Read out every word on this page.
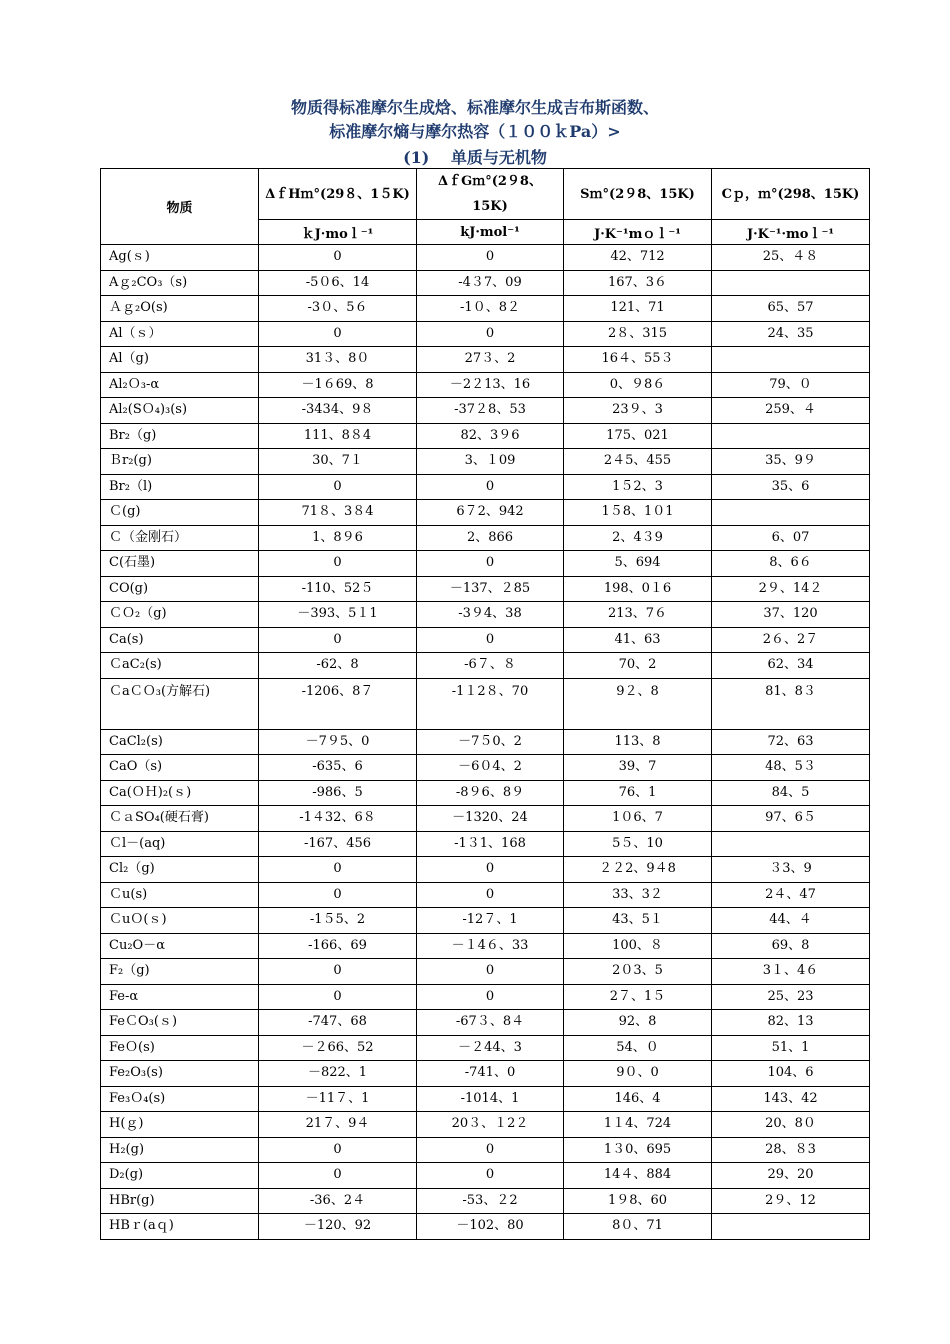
物质得标准摩尔生成焓、标准摩尔生成吉布斯函数、
标准摩尔熵与摩尔热容（１００ｋPa）>
(1)　 单质与无机物
物质	ΔｆHｍ°(29８、1５K)	ΔｆGｍ°(2９8、15K)	Sｍ°(2９8、15K)	Cｐ，ｍ°(298、15K)
	ｋJ·moｌ⁻¹	kJ·mol⁻¹	J·K⁻¹mｏｌ⁻¹	J·K⁻¹·moｌ⁻¹
Ag(ｓ)	0	0	42、712	25、４８
Aｇ₂CO₃（s)	-5０6、14	-4３7、09	167、3６	
Ａｇ₂O(s)	-3０、5６	-1０、8２	121、71	65、57
Al（ｓ）	0	0	2８、315	24、35
Al（g)	31３、8０	27３、2	16４、55３	
Al₂Ｏ₃-α	－1６69、8	－2２13、16	0、９8６	79、０
Al₂(SＯ₄)₃(s)	-3434、9８	-37２8、53	23９、3	259、４
Br₂（g)	111、8８4	82、3９6	175、021	
Ｂr₂(g)	30、7１	3、１09	2４5、455	35、9９
Br₂（l)	0	0	1５2、3	35、6
Ｃ(g)	71８、3８4	6７2、942	1５8、1０1	
Ｃ（金刚石）	1、8９6	2、866	2、4３9	6、07
C(石墨)	0	0	5、694	8、6６
CO(g)	-110、52５	－137、２85	198、0１6	2９、14２
ＣＯ₂（g)	－393、5１1	-3９4、38	213、7６	37、120
Ca(s)	0	0	41、63	2６、2７
ＣaC₂(s)	-62、8	-6７、８	70、2	62、34
ＣaＣＯ₃(方解石)	-1206、8７	-1１2８、70	9２、8	81、8３
CaCl₂(s)	－7９5、0	－7５0、2	113、8	72、63
CaO（s)	-635、6	－6０4、2	39、7	48、5３
Ca(ＯＨ)₂(ｓ)	-986、5	-8９6、8９	76、1	84、5
ＣａSO₄(硬石膏)	-1４32、6８	－1320、24	1０6、7	97、6５
Ｃl－(aq)	-167、456	-1３1、168	5５、10	
Cl₂（g)	0	0	２２2、9４8	３3、9
Ｃu(s)	0	0	33、3２	2４、47
ＣuＯ(ｓ)	-1５5、2	-12７、1	43、5１	44、４
Cu₂O－α	-166、69	－１4６、33	100、８	69、8
F₂（g)	0	0	2０3、5	3１、4６
Fe-α	0	0	2７、1５	25、23
FeＣO₃(ｓ)	-747、68	-67３、8４	92、8	82、13
FeＯ(s)	－２66、52	－２44、3	54、０	51、1
Fe₂O₃(s)	－822、1	-741、0	9０、0	104、6
Fe₃Ｏ₄(s)	－11７、1	-1014、1	146、4	143、42
H(ｇ)	21７、9４	20３、１2２	1１4、724	20、8０
H₂(g)	0	0	1３0、695	28、８3
D₂(g)	0	0	14４、884	29、20
HBr(g)	-36、2４	-53、２2	1９8、60	2９、12
HBｒ(aｑ)	－120、92	－102、80	8０、71	
